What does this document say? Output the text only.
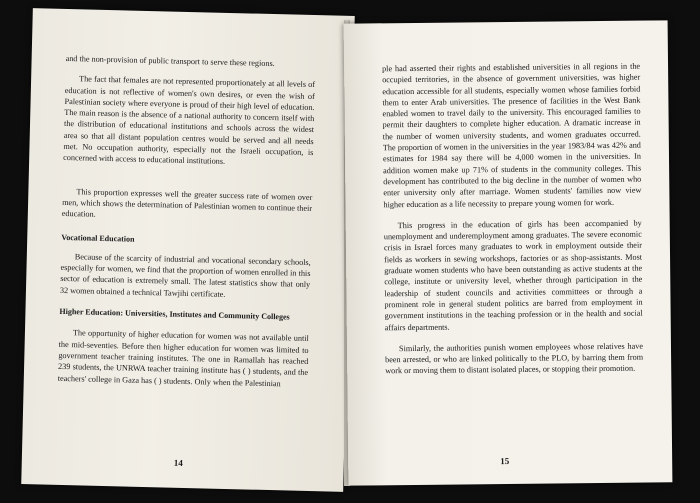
and the non-provision of public transport to serve these regions.

The fact that females are not represented proportionately at all levels of education is not reflective of women's own desires, or even the wish of Palestinian society where everyone is proud of their high level of education. The main reason is the absence of a national authority to concern itself with the distribution of educational institutions and schools across the widest area so that all distant population centres would be served and all needs met. No occupation authority, especially not the Israeli occupation, is concerned with access to educational institutions.

This proportion expresses well the greater success rate of women over men, which shows the determination of Palestinian women to continue their education.

Vocational Education

Because of the scarcity of industrial and vocational secondary schools, especially for women, we find that the proportion of women enrolled in this sector of education is extremely small. The latest statistics show that only 32 women obtained a technical Tawjihi certificate.

Higher Education: Universities, Institutes and Community Colleges

The opportunity of higher education for women was not available until the mid-seventies. Before then higher education for women was limited to government teacher training institutes. The one in Ramallah has reached 239 students, the UNRWA teacher training institute has ( ) students, and the teachers' college in Gaza has ( ) students. Only when the Palestinian

14

ple had asserted their rights and established universities in all regions in the occupied territories, in the absence of government universities, was higher education accessible for all students, especially women whose families forbid them to enter Arab universities. The presence of facilities in the West Bank enabled women to travel daily to the university. This encouraged families to permit their daughters to complete higher education. A dramatic increase in the number of women university students, and women graduates occurred. The proportion of women in the universities in the year 1983/84 was 42% and estimates for 1984 say there will be 4,000 women in the universities. In addition women make up 71% of students in the community colleges. This development has contributed to the big decline in the number of women who enter university only after marriage. Women students' families now view higher education as a life necessity to prepare young women for work.

This progress in the education of girls has been accompanied by unemployment and underemployment among graduates. The severe economic crisis in Israel forces many graduates to work in employment outside their fields as workers in sewing workshops, factories or as shop-assistants. Most graduate women students who have been outstanding as active students at the college, institute or university level, whether through participation in the leadership of student councils and activities committees or through a prominent role in general student politics are barred from employment in government institutions in the teaching profession or in the health and social affairs departments.

Similarly, the authorities punish women employees whose relatives have been arrested, or who are linked politically to the PLO, by barring them from work or moving them to distant isolated places, or stopping their promotion.

15
